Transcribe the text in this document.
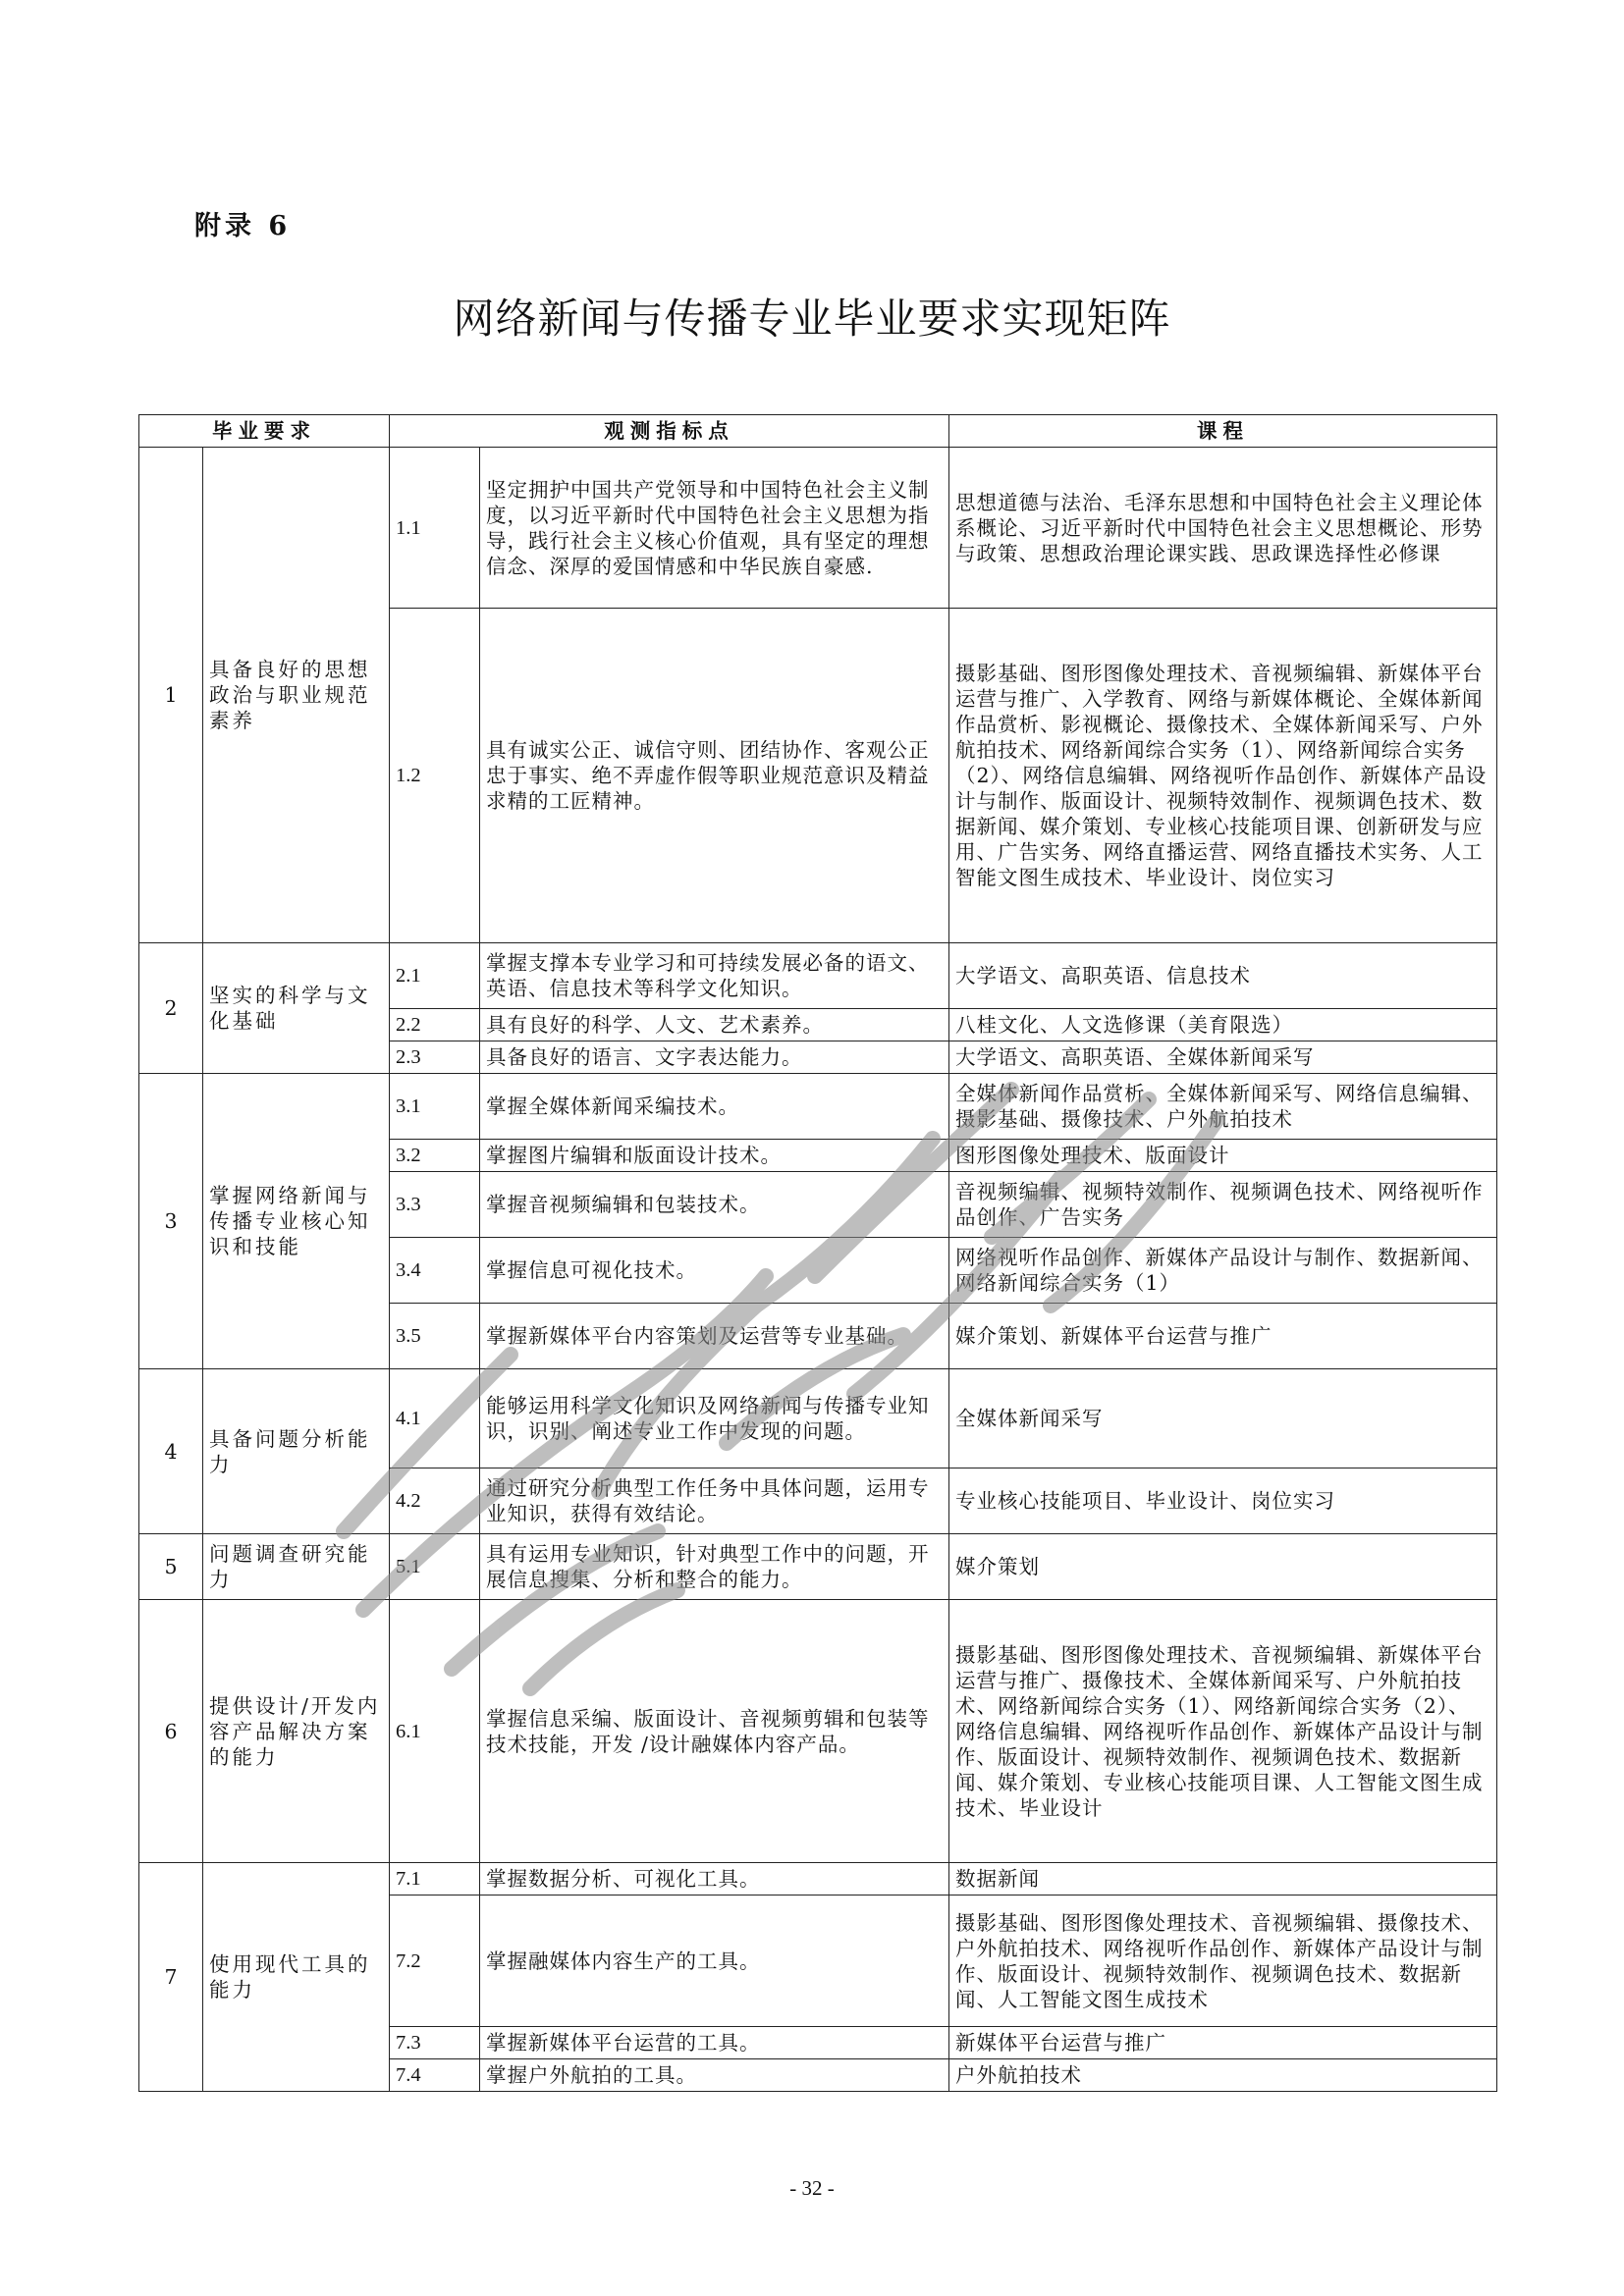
附录 6
网络新闻与传播专业毕业要求实现矩阵
毕业要求		观测指标点		课程
1	具备良好的思想政治与职业规范素养	1.1	坚定拥护中国共产党领导和中国特色社会主义制度，以习近平新时代中国特色社会主义思想为指导，践行社会主义核心价值观，具有坚定的理想信念、深厚的爱国情感和中华民族自豪感.	思想道德与法治、毛泽东思想和中国特色社会主义理论体系概论、习近平新时代中国特色社会主义思想概论、形势与政策、思想政治理论课实践、思政课选择性必修课
		1.2	具有诚实公正、诚信守则、团结协作、客观公正忠于事实、绝不弄虚作假等职业规范意识及精益求精的工匠精神。	摄影基础、图形图像处理技术、音视频编辑、新媒体平台运营与推广、入学教育、网络与新媒体概论、全媒体新闻作品赏析、影视概论、摄像技术、全媒体新闻采写、户外航拍技术、网络新闻综合实务（1）、网络新闻综合实务（2）、网络信息编辑、网络视听作品创作、新媒体产品设计与制作、版面设计、视频特效制作、视频调色技术、数据新闻、媒介策划、专业核心技能项目课、创新研发与应用、广告实务、网络直播运营、网络直播技术实务、人工智能文图生成技术、毕业设计、岗位实习
2	坚实的科学与文化基础	2.1	掌握支撑本专业学习和可持续发展必备的语文、英语、信息技术等科学文化知识。	大学语文、高职英语、信息技术
		2.2	具有良好的科学、人文、艺术素养。	八桂文化、人文选修课（美育限选）
		2.3	具备良好的语言、文字表达能力。	大学语文、高职英语、全媒体新闻采写
3	掌握网络新闻与传播专业核心知识和技能	3.1	掌握全媒体新闻采编技术。	全媒体新闻作品赏析、全媒体新闻采写、网络信息编辑、摄影基础、摄像技术、户外航拍技术
		3.2	掌握图片编辑和版面设计技术。	图形图像处理技术、版面设计
		3.3	掌握音视频编辑和包装技术。	音视频编辑、视频特效制作、视频调色技术、网络视听作品创作、广告实务
		3.4	掌握信息可视化技术。	网络视听作品创作、新媒体产品设计与制作、数据新闻、网络新闻综合实务（1）
		3.5	掌握新媒体平台内容策划及运营等专业基础。	媒介策划、新媒体平台运营与推广
4	具备问题分析能力	4.1	能够运用科学文化知识及网络新闻与传播专业知识，识别、阐述专业工作中发现的问题。	全媒体新闻采写
		4.2	通过研究分析典型工作任务中具体问题，运用专业知识，获得有效结论。	专业核心技能项目、毕业设计、岗位实习
5	问题调查研究能力	5.1	具有运用专业知识，针对典型工作中的问题，开展信息搜集、分析和整合的能力。	媒介策划
6	提供设计/开发内容产品解决方案的能力	6.1	掌握信息采编、版面设计、音视频剪辑和包装等技术技能，开发 /设计融媒体内容产品。	摄影基础、图形图像处理技术、音视频编辑、新媒体平台运营与推广、摄像技术、全媒体新闻采写、户外航拍技术、网络新闻综合实务（1）、网络新闻综合实务（2）、网络信息编辑、网络视听作品创作、新媒体产品设计与制作、版面设计、视频特效制作、视频调色技术、数据新闻、媒介策划、专业核心技能项目课、人工智能文图生成技术、毕业设计
7	使用现代工具的能力	7.1	掌握数据分析、可视化工具。	数据新闻
		7.2	掌握融媒体内容生产的工具。	摄影基础、图形图像处理技术、音视频编辑、摄像技术、户外航拍技术、网络视听作品创作、新媒体产品设计与制作、版面设计、视频特效制作、视频调色技术、数据新闻、人工智能文图生成技术
		7.3	掌握新媒体平台运营的工具。	新媒体平台运营与推广
		7.4	掌握户外航拍的工具。	户外航拍技术
- 32 -
